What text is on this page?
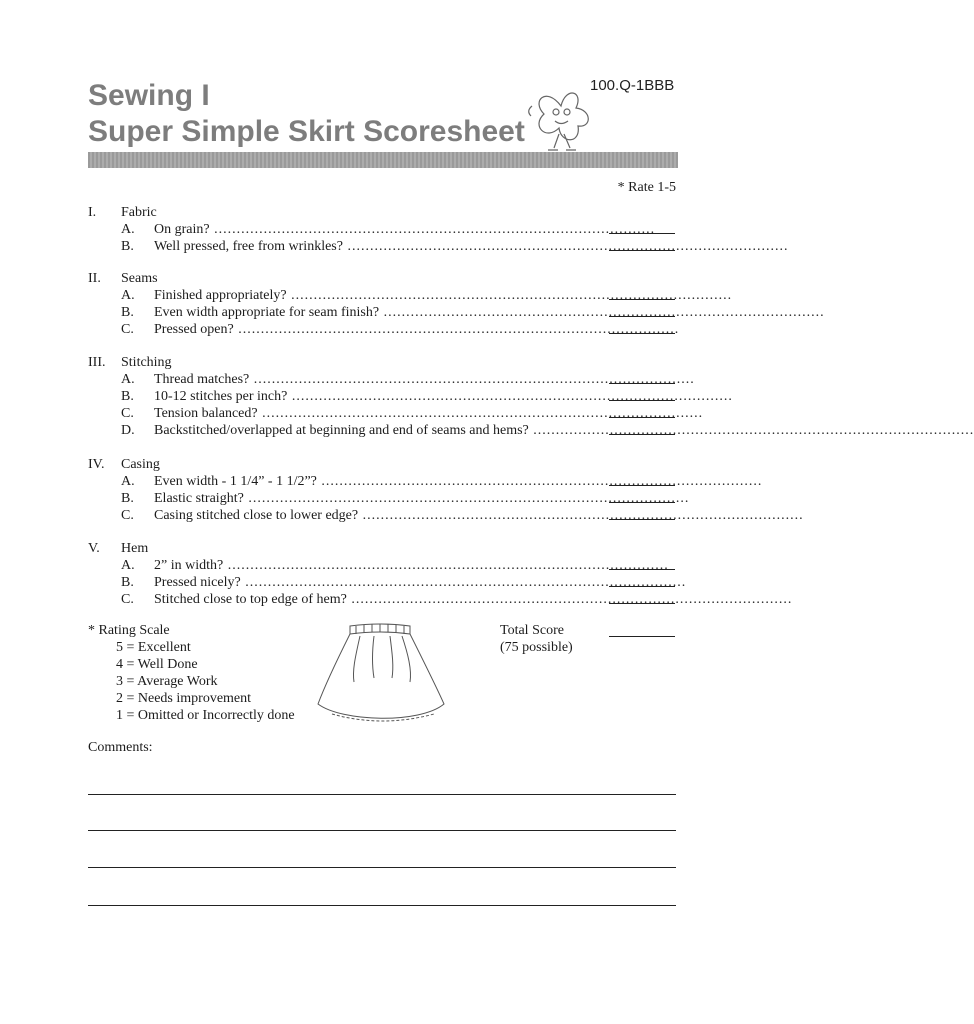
Sewing I
Super Simple Skirt Scoresheet
100.Q-1BBB
* Rate 1-5
I. Fabric
A. On grain? ..................................................................................................
B. Well pressed, free from wrinkles? ..................................................................................................
II. Seams
A. Finished appropriately? ..................................................................................................
B. Even width appropriate for seam finish? ..................................................................................................
C. Pressed open? ..................................................................................................
III. Stitching
A. Thread matches? ..................................................................................................
B. 10-12 stitches per inch? ..................................................................................................
C. Tension balanced? ..................................................................................................
D. Backstitched/overlapped at beginning and end of seams and hems? ..................................................................................................
IV. Casing
A. Even width - 1 1/4” - 1 1/2”? ..................................................................................................
B. Elastic straight? ..................................................................................................
C. Casing stitched close to lower edge? ..................................................................................................
V. Hem
A. 2” in width? ..................................................................................................
B. Pressed nicely? ..................................................................................................
C. Stitched close to top edge of hem? ..................................................................................................
* Rating Scale
5 = Excellent
4 = Well Done
3 = Average Work
2 = Needs improvement
1 = Omitted or Incorrectly done
Total Score
(75 possible)
Comments:
